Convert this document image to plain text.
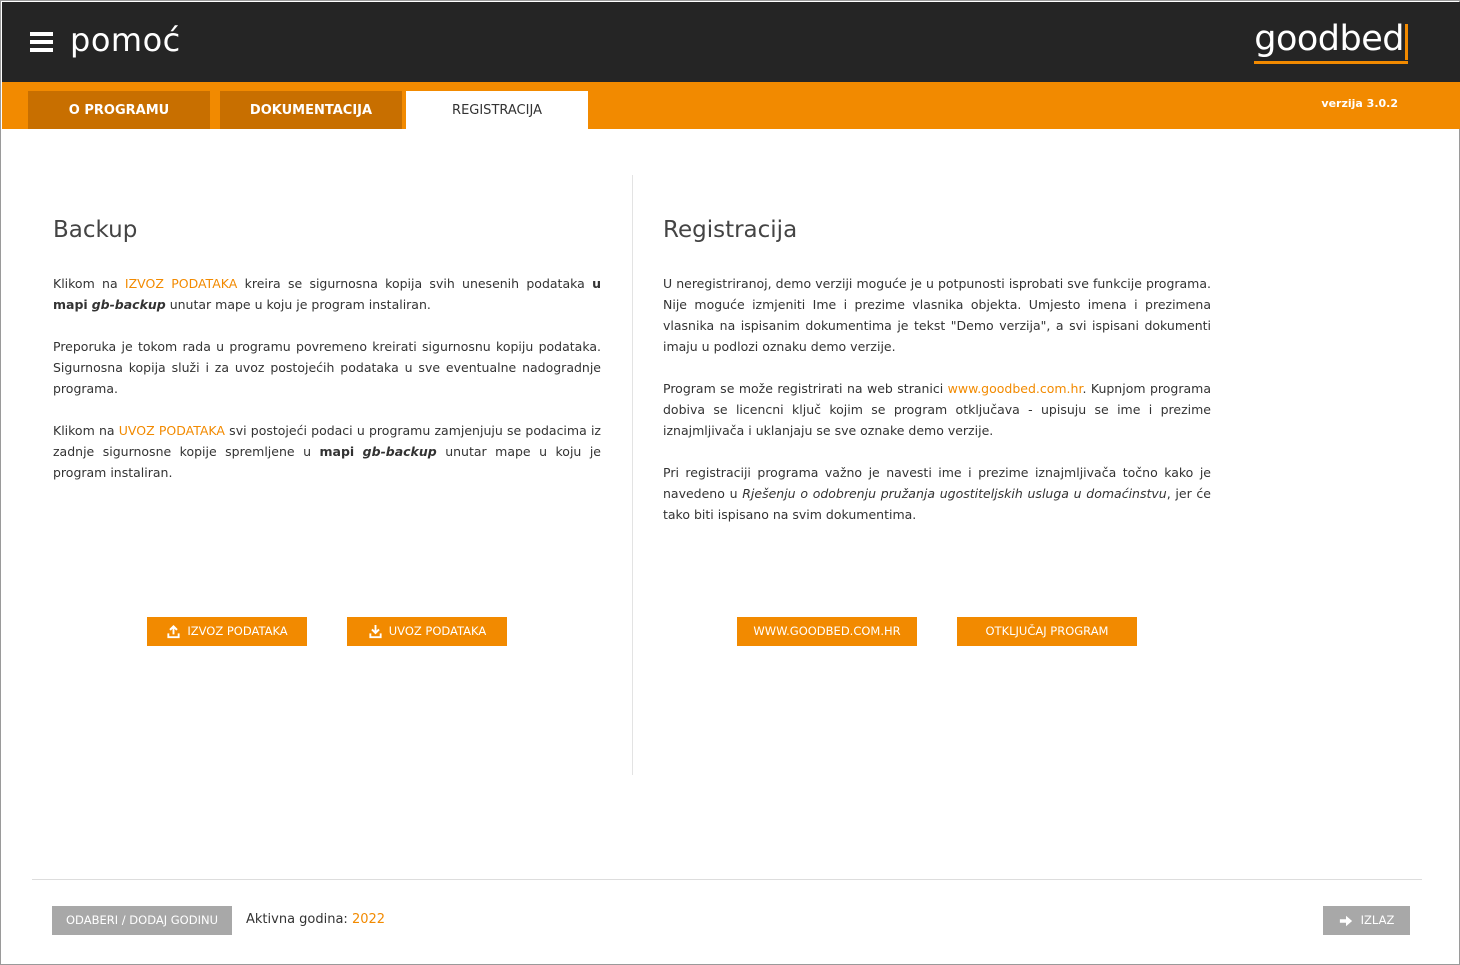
pomoć	goodbed
O PROGRAMU	DOKUMENTACIJA	REGISTRACIJA	verzija 3.0.2
Backup

Klikom na IZVOZ PODATAKA kreira se sigurnosna kopija svih unesenih podataka u mapi gb-backup unutar mape u koju je program instaliran.

Preporuka je tokom rada u programu povremeno kreirati sigurnosnu kopiju podataka. Sigurnosna kopija služi i za uvoz postojećih podataka u sve eventualne nadogradnje programa.

Klikom na UVOZ PODATAKA svi postojeći podaci u programu zamjenjuju se podacima iz zadnje sigurnosne kopije spremljene u mapi gb-backup unutar mape u koju je program instaliran.

Registracija

U neregistriranoj, demo verziji moguće je u potpunosti isprobati sve funkcije programa. Nije moguće izmjeniti Ime i prezime vlasnika objekta. Umjesto imena i prezimena vlasnika na ispisanim dokumentima je tekst "Demo verzija", a svi ispisani dokumenti imaju u podlozi oznaku demo verzije.

Program se može registrirati na web stranici www.goodbed.com.hr. Kupnjom programa dobiva se licencni ključ kojim se program otključava - upisuju se ime i prezime iznajmljivača i uklanjaju se sve oznake demo verzije.

Pri registraciji programa važno je navesti ime i prezime iznajmljivača točno kako je navedeno u Rješenju o odobrenju pružanja ugostiteljskih usluga u domaćinstvu, jer će tako biti ispisano na svim dokumentima.

IZVOZ PODATAKA	UVOZ PODATAKA	WWW.GOODBED.COM.HR	OTKLJUČAJ PROGRAM
ODABERI / DODAJ GODINU Aktivna godina: 2022	IZLAZ
